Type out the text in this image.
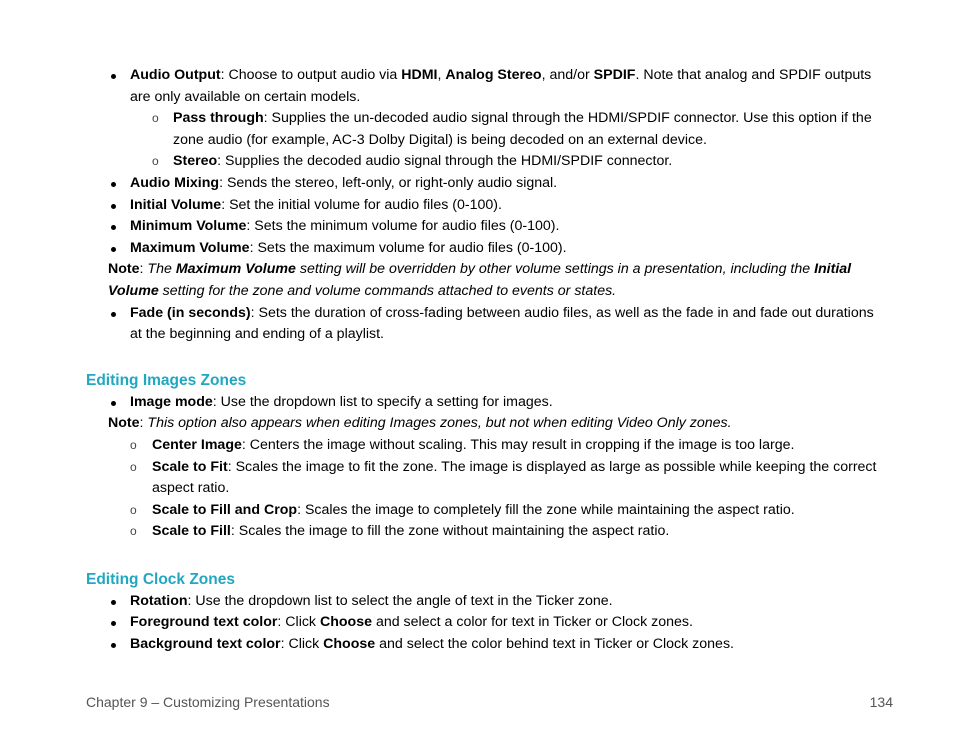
Audio Output: Choose to output audio via HDMI, Analog Stereo, and/or SPDIF. Note that analog and SPDIF outputs are only available on certain models.
o Pass through: Supplies the un-decoded audio signal through the HDMI/SPDIF connector. Use this option if the zone audio (for example, AC-3 Dolby Digital) is being decoded on an external device.
o Stereo: Supplies the decoded audio signal through the HDMI/SPDIF connector.
Audio Mixing: Sends the stereo, left-only, or right-only audio signal.
Initial Volume: Set the initial volume for audio files (0-100).
Minimum Volume: Sets the minimum volume for audio files (0-100).
Maximum Volume: Sets the maximum volume for audio files (0-100).

Note: The Maximum Volume setting will be overridden by other volume settings in a presentation, including the Initial Volume setting for the zone and volume commands attached to events or states.

Fade (in seconds): Sets the duration of cross-fading between audio files, as well as the fade in and fade out durations at the beginning and ending of a playlist.
Editing Images Zones
Image mode: Use the dropdown list to specify a setting for images.

Note: This option also appears when editing Images zones, but not when editing Video Only zones.

o Center Image: Centers the image without scaling. This may result in cropping if the image is too large.
o Scale to Fit: Scales the image to fit the zone. The image is displayed as large as possible while keeping the correct aspect ratio.
o Scale to Fill and Crop: Scales the image to completely fill the zone while maintaining the aspect ratio.
o Scale to Fill: Scales the image to fill the zone without maintaining the aspect ratio.
Editing Clock Zones
Rotation: Use the dropdown list to select the angle of text in the Ticker zone.
Foreground text color: Click Choose and select a color for text in Ticker or Clock zones.
Background text color: Click Choose and select the color behind text in Ticker or Clock zones.
Chapter 9 – Customizing Presentations	134
